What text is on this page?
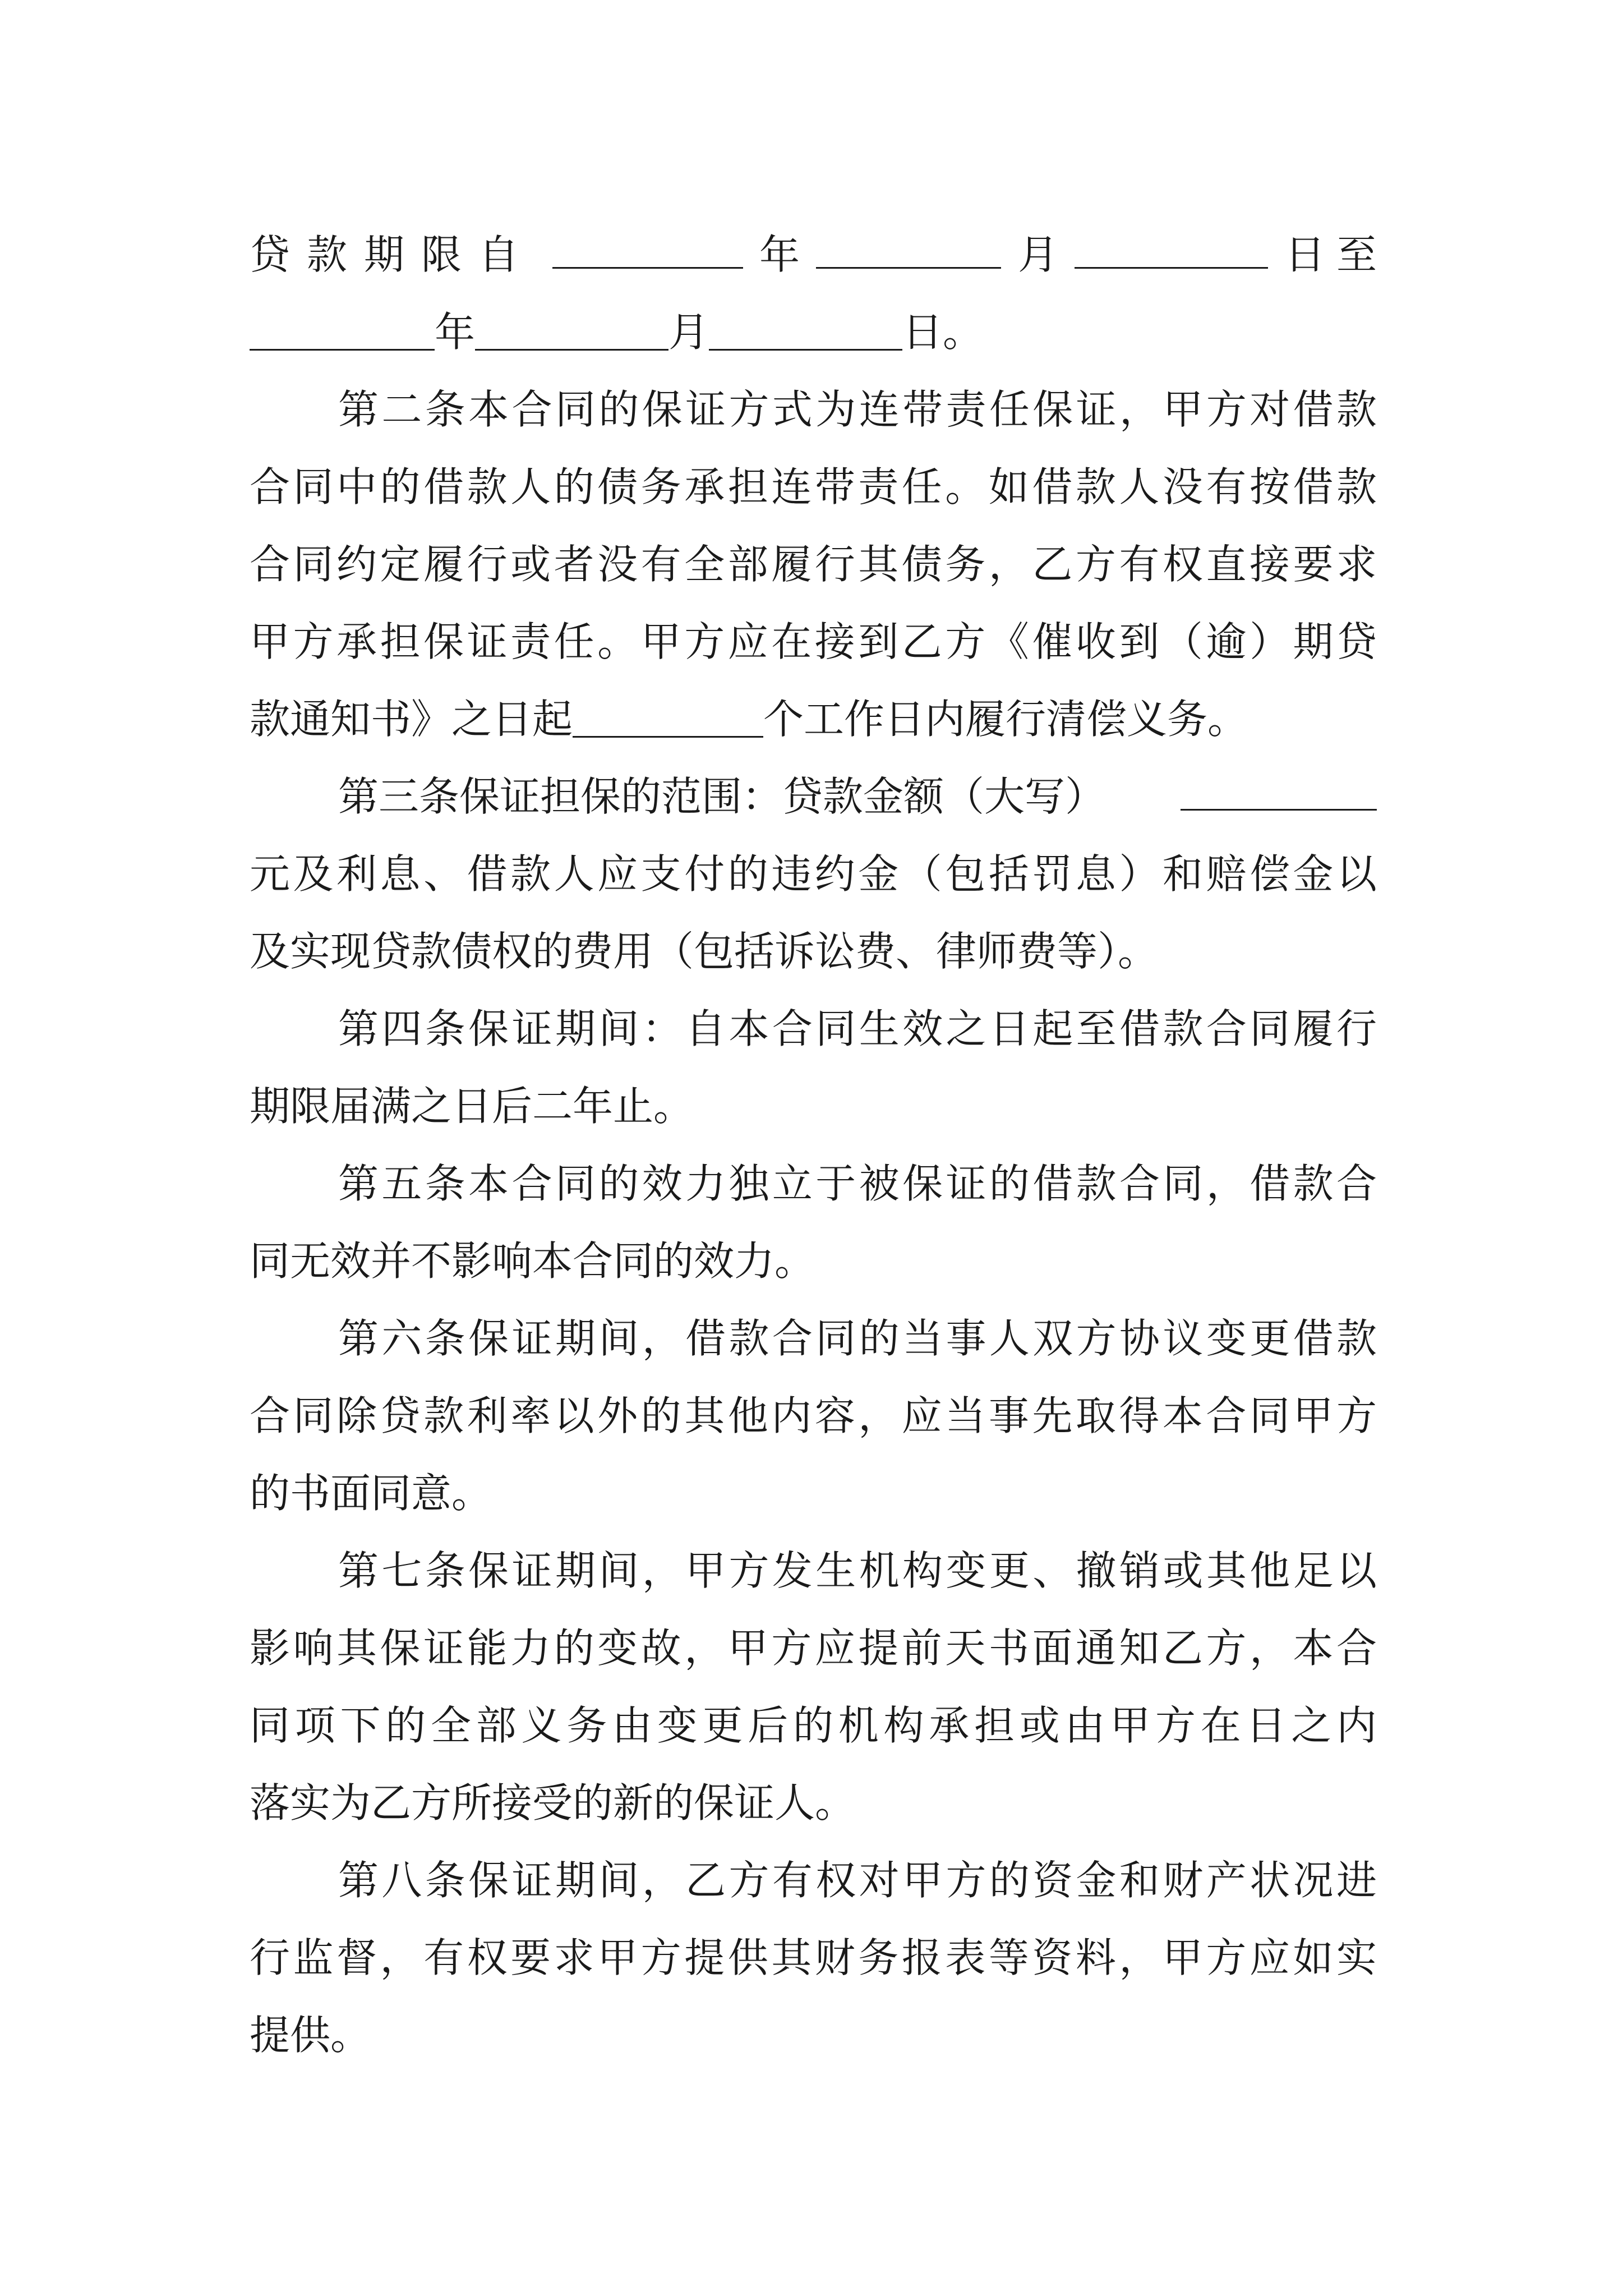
贷款期限自	年	月	日至
年	月	日。
第二条本合同的保证方式为连带责任保证，甲方对借款
合同中的借款人的债务承担连带责任。如借款人没有按借款
合同约定履行或者没有全部履行其债务，乙方有权直接要求
甲方承担保证责任。甲方应在接到乙方《催收到（逾）期贷
款通知书》之日起	个工作日内履行清偿义务。
第三条保证担保的范围：贷款金额（大写）
元及利息、借款人应支付的违约金（包括罚息）和赔偿金以
及实现贷款债权的费用（包括诉讼费、律师费等）。
第四条保证期间：自本合同生效之日起至借款合同履行
期限届满之日后二年止。
第五条本合同的效力独立于被保证的借款合同，借款合
同无效并不影响本合同的效力。
第六条保证期间，借款合同的当事人双方协议变更借款
合同除贷款利率以外的其他内容，应当事先取得本合同甲方
的书面同意。
第七条保证期间，甲方发生机构变更、撤销或其他足以
影响其保证能力的变故，甲方应提前天书面通知乙方，本合
同项下的全部义务由变更后的机构承担或由甲方在日之内
落实为乙方所接受的新的保证人。
第八条保证期间，乙方有权对甲方的资金和财产状况进
行监督，有权要求甲方提供其财务报表等资料，甲方应如实
提供。
